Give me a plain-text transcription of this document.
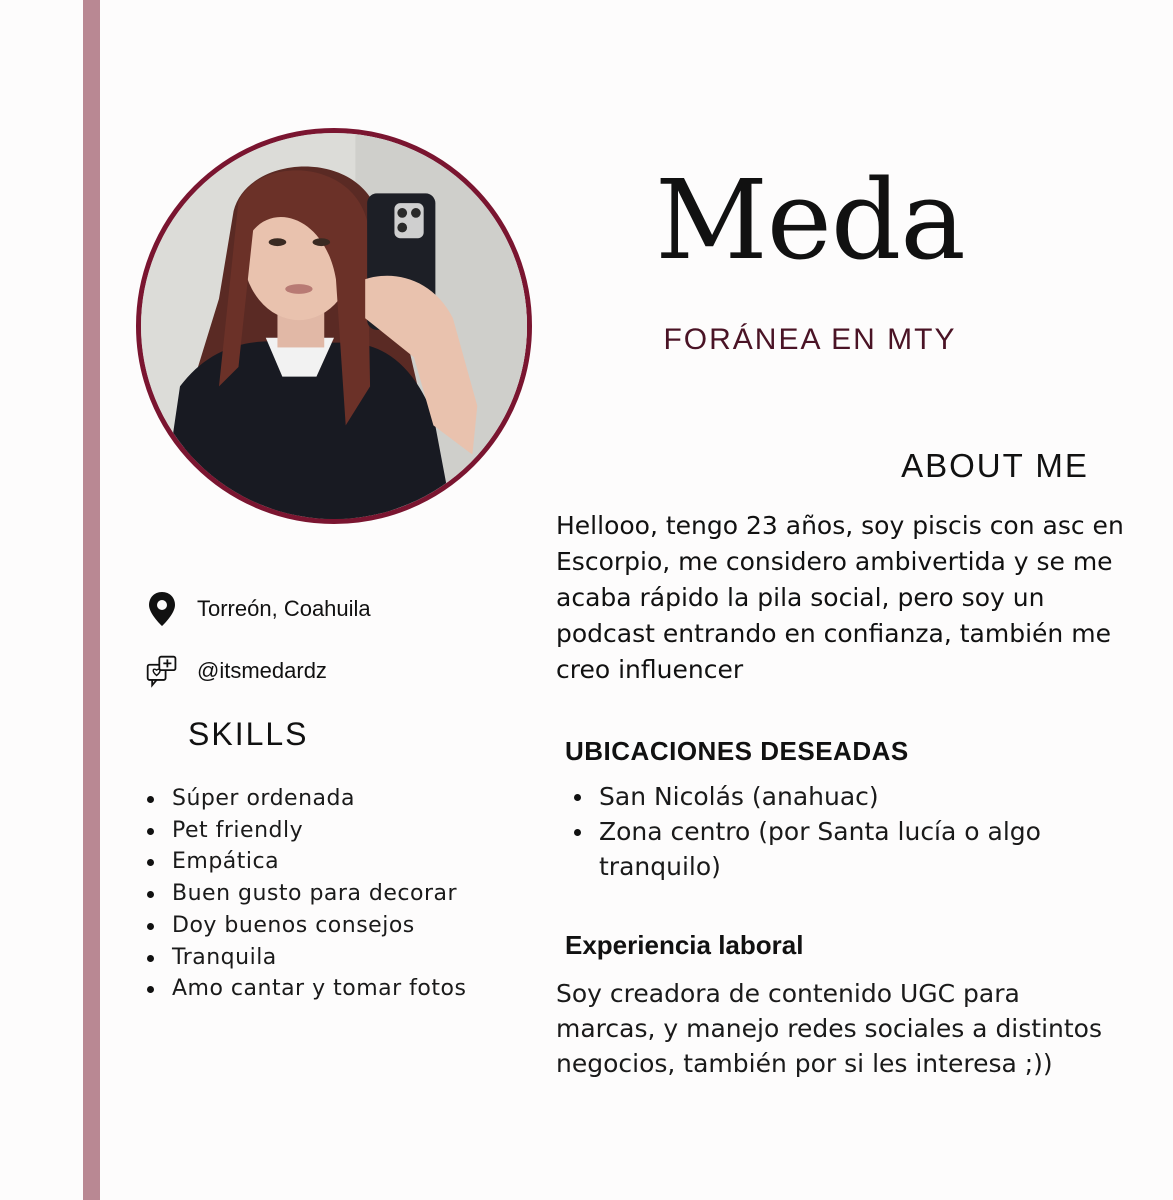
Meda
FORÁNEA EN MTY
ABOUT ME
Hellooo, tengo 23 años, soy piscis con asc en Escorpio, me considero ambivertida y se me acaba rápido la pila social, pero soy un podcast entrando en confianza, también me creo influencer
UBICACIONES DESEADAS
San Nicolás (anahuac)
Zona centro (por Santa lucía o algo tranquilo)
Experiencia laboral
Soy creadora de contenido UGC para marcas, y manejo redes sociales a distintos negocios, también por si les interesa ;))
Torreón, Coahuila
@itsmedardz
SKILLS
Súper ordenada
Pet friendly
Empática
Buen gusto para decorar
Doy buenos consejos
Tranquila
Amo cantar y tomar fotos
